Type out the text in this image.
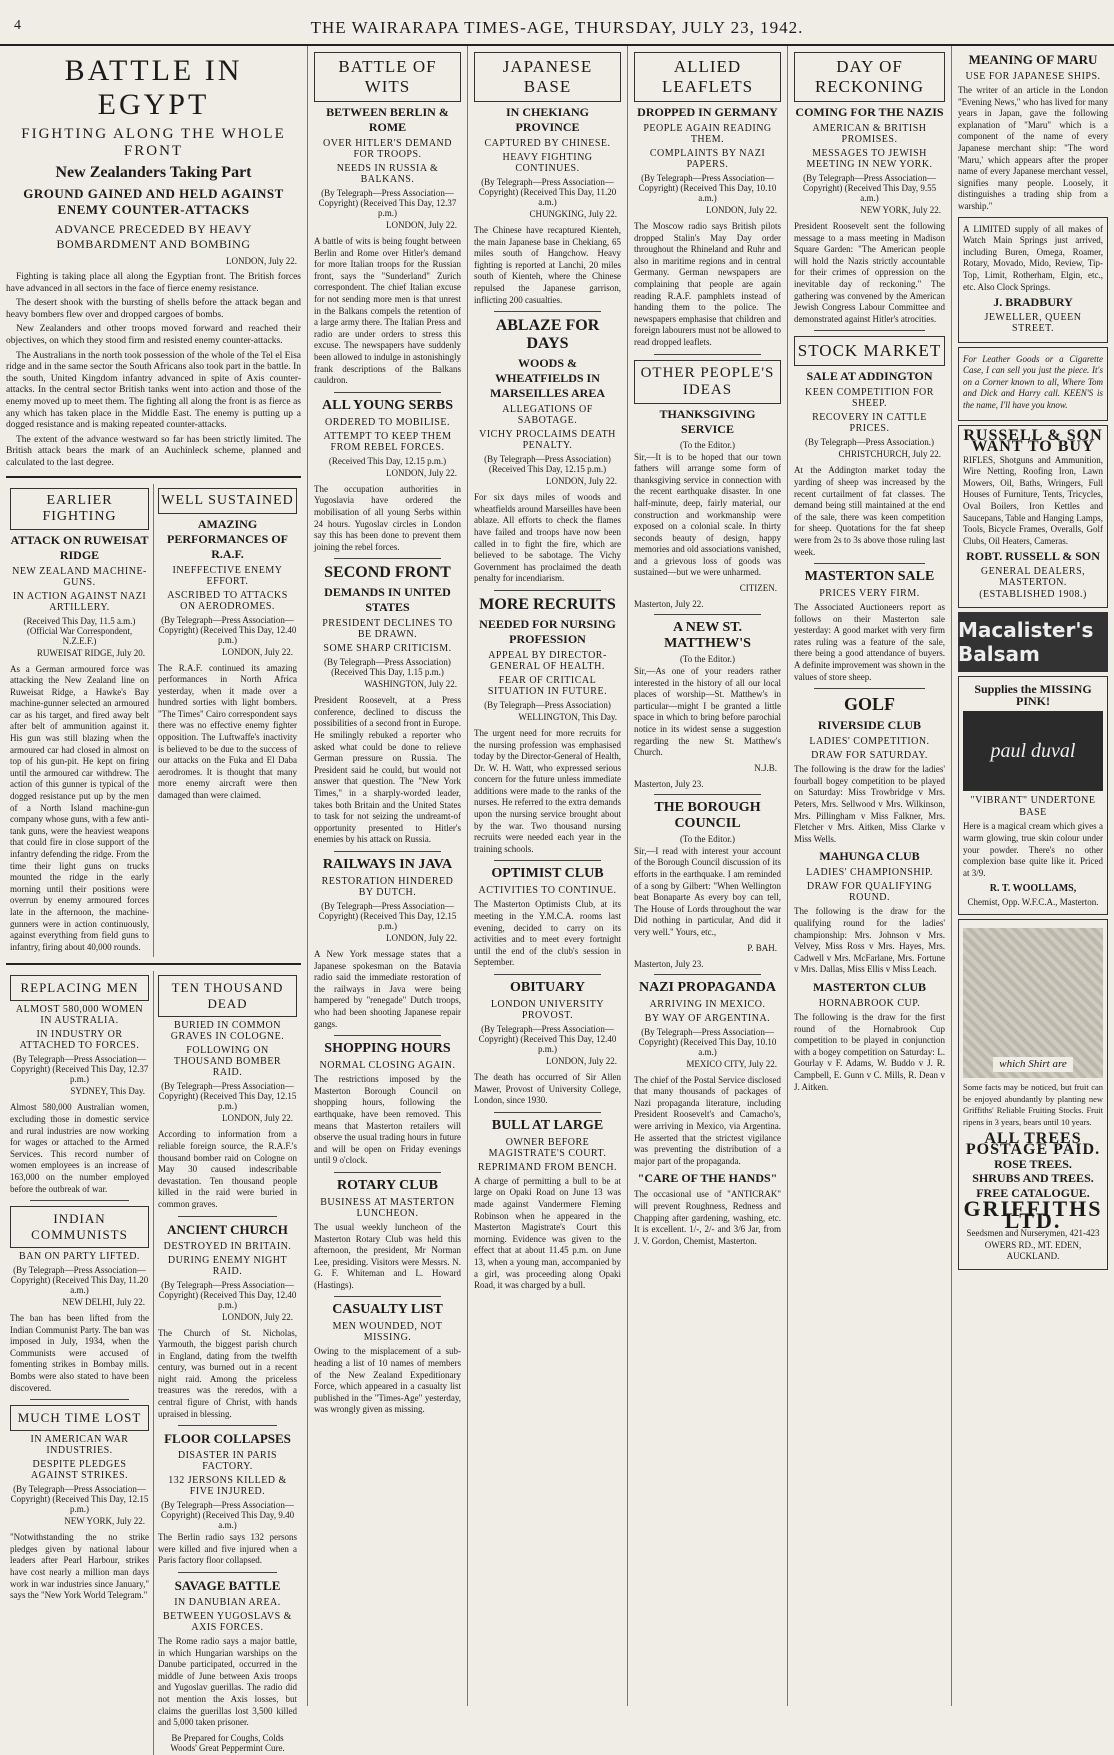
4	THE WAIRARAPA TIMES-AGE, THURSDAY, JULY 23, 1942.
BATTLE IN EGYPT
FIGHTING ALONG THE WHOLE FRONT
New Zealanders Taking Part
GROUND GAINED AND HELD AGAINST ENEMY COUNTER-ATTACKS
ADVANCE PRECEDED BY HEAVY BOMBARDMENT AND BOMBING
LONDON, July 22.

Fighting is taking place all along the Egyptian front. The British forces have advanced in all sectors in the face of fierce enemy resistance.

The desert shook with the bursting of shells before the attack began and heavy bombers flew over and dropped cargoes of bombs.

New Zealanders and other troops moved forward and reached their objectives, on which they stood firm and resisted enemy counter-attacks.

The Australians in the north took possession of the whole of the Tel el Eisa ridge and in the same sector the South Africans also took part in the battle. In the south, United Kingdom infantry advanced in spite of Axis counter-attacks. In the central sector British tanks went into action and those of the enemy moved up to meet them. The fighting all along the front is as fierce as any which has taken place in the Middle East. The enemy is putting up a dogged resistance and is making repeated counter-attacks.

The extent of the advance westward so far has been strictly limited. The British attack bears the mark of an Auchinleck scheme, planned and calculated to the last degree.

EARLIER FIGHTING
ATTACK ON RUWEISAT RIDGE
NEW ZEALAND MACHINE-GUNS.
IN ACTION AGAINST NAZI ARTILLERY.
(Received This Day, 11.5 a.m.) (Official War Correspondent, N.Z.E.F.)
RUWEISAT RIDGE, July 20.
As a German armoured force was attacking the New Zealand line on Ruweisat Ridge, a Hawke's Bay machine-gunner selected an armoured car as his target, and fired away belt after belt of ammunition against it. His gun was still blazing when the armoured car had closed in almost on top of his gun-pit. He kept on firing until the armoured car withdrew. The action of this gunner is typical of the dogged resistance put up by the men of a North Island machine-gun company whose guns, with a few anti-tank guns, were the heaviest weapons that could fire in close support of the infantry defending the ridge. From the time their light guns on trucks mounted the ridge in the early morning until their positions were overrun by enemy armoured forces late in the afternoon, the machine-gunners were in action continuously, against everything from field guns to infantry, firing about 40,000 rounds.
WELL SUSTAINED
AMAZING PERFORMANCES OF R.A.F.
INEFFECTIVE ENEMY EFFORT.
ASCRIBED TO ATTACKS ON AERODROMES.
(By Telegraph—Press Association—Copyright) (Received This Day, 12.40 p.m.)
LONDON, July 22.
The R.A.F. continued its amazing performances in North Africa yesterday, when it made over a hundred sorties with light bombers. "The Times" Cairo correspondent says there was no effective enemy fighter opposition. The Luftwaffe's inactivity is believed to be due to the success of our attacks on the Fuka and El Daba aerodromes. It is thought that many more enemy aircraft were then damaged than were claimed.
REPLACING MEN
ALMOST 580,000 WOMEN IN AUSTRALIA.
IN INDUSTRY OR ATTACHED TO FORCES.
(By Telegraph—Press Association—Copyright) (Received This Day, 12.37 p.m.)
SYDNEY, This Day.
Almost 580,000 Australian women, excluding those in domestic service and rural industries are now working for wages or attached to the Armed Services. This record number of women employees is an increase of 163,000 on the number employed before the outbreak of war.
INDIAN COMMUNISTS
BAN ON PARTY LIFTED.
(By Telegraph—Press Association—Copyright) (Received This Day, 11.20 a.m.)
NEW DELHI, July 22.
The ban has been lifted from the Indian Communist Party. The ban was imposed in July, 1934, when the Communists were accused of fomenting strikes in Bombay mills. Bombs were also stated to have been discovered.
MUCH TIME LOST
IN AMERICAN WAR INDUSTRIES.
DESPITE PLEDGES AGAINST STRIKES.
(By Telegraph—Press Association—Copyright) (Received This Day, 12.15 p.m.)
NEW YORK, July 22.
"Notwithstanding the no strike pledges given by national labour leaders after Pearl Harbour, strikes have cost nearly a million man days work in war industries since January," says the "New York World Telegram."
TEN THOUSAND DEAD
BURIED IN COMMON GRAVES IN COLOGNE.
FOLLOWING ON THOUSAND BOMBER RAID.
(By Telegraph—Press Association—Copyright) (Received This Day, 12.15 p.m.)
LONDON, July 22.
According to information from a reliable foreign source, the R.A.F.'s thousand bomber raid on Cologne on May 30 caused indescribable devastation. Ten thousand people killed in the raid were buried in common graves.
ANCIENT CHURCH
DESTROYED IN BRITAIN.
DURING ENEMY NIGHT RAID.
(By Telegraph—Press Association—Copyright) (Received This Day, 12.40 p.m.)
LONDON, July 22.
The Church of St. Nicholas, Yarmouth, the biggest parish church in England, dating from the twelfth century, was burned out in a recent night raid. Among the priceless treasures was the reredos, with a central figure of Christ, with hands upraised in blessing.
FLOOR COLLAPSES
DISASTER IN PARIS FACTORY.
132 JERSONS KILLED & FIVE INJURED.
(By Telegraph—Press Association—Copyright) (Received This Day, 9.40 a.m.)
The Berlin radio says 132 persons were killed and five injured when a Paris factory floor collapsed.
SAVAGE BATTLE
IN DANUBIAN AREA.
BETWEEN YUGOSLAVS & AXIS FORCES.
The Rome radio says a major battle, in which Hungarian warships on the Danube participated, occurred in the middle of June between Axis troops and Yugoslav guerillas. The radio did not mention the Axis losses, but claims the guerillas lost 3,500 killed and 5,000 taken prisoner.
Be Prepared for Coughs, Colds Woods' Great Peppermint Cure.
BATTLE OF WITS
BETWEEN BERLIN & ROME
OVER HITLER'S DEMAND FOR TROOPS.
NEEDS IN RUSSIA & BALKANS.
(By Telegraph—Press Association—Copyright) (Received This Day, 12.37 p.m.)
LONDON, July 22.
A battle of wits is being fought between Berlin and Rome over Hitler's demand for more Italian troops for the Russian front, says the "Sunderland" Zurich correspondent. The chief Italian excuse for not sending more men is that unrest in the Balkans compels the retention of a large army there. The Italian Press and radio are under orders to stress this excuse. The newspapers have suddenly been allowed to indulge in astonishingly frank descriptions of the Balkans cauldron.
ALL YOUNG SERBS
ORDERED TO MOBILISE.
ATTEMPT TO KEEP THEM FROM REBEL FORCES.
(Received This Day, 12.15 p.m.)
LONDON, July 22.
The occupation authorities in Yugoslavia have ordered the mobilisation of all young Serbs within 24 hours. Yugoslav circles in London say this has been done to prevent them joining the rebel forces.
SECOND FRONT
DEMANDS IN UNITED STATES
PRESIDENT DECLINES TO BE DRAWN.
SOME SHARP CRITICISM.
(By Telegraph—Press Association) (Received This Day, 1.15 p.m.)
WASHINGTON, July 22.
President Roosevelt, at a Press conference, declined to discuss the possibilities of a second front in Europe. He smilingly rebuked a reporter who asked what could be done to relieve German pressure on Russia. The President said he could, but would not answer that question. The "New York Times," in a sharply-worded leader, takes both Britain and the United States to task for not seizing the undreamt-of opportunity presented to Hitler's enemies by his attack on Russia.
RAILWAYS IN JAVA
RESTORATION HINDERED BY DUTCH.
(By Telegraph—Press Association—Copyright) (Received This Day, 12.15 p.m.)
LONDON, July 22.
A New York message states that a Japanese spokesman on the Batavia radio said the immediate restoration of the railways in Java were being hampered by "renegade" Dutch troops, who had been shooting Japanese repair gangs.
SHOPPING HOURS
NORMAL CLOSING AGAIN.
The restrictions imposed by the Masterton Borough Council on shopping hours, following the earthquake, have been removed. This means that Masterton retailers will observe the usual trading hours in future and will be open on Friday evenings until 9 o'clock.
ROTARY CLUB
BUSINESS AT MASTERTON LUNCHEON.
The usual weekly luncheon of the Masterton Rotary Club was held this afternoon, the president, Mr Norman Lee, presiding. Visitors were Messrs. N. G. F. Whiteman and L. Howard (Hastings).
CASUALTY LIST
MEN WOUNDED, NOT MISSING.
Owing to the misplacement of a sub-heading a list of 10 names of members of the New Zealand Expeditionary Force, which appeared in a casualty list published in the "Times-Age" yesterday, was wrongly given as missing.
JAPANESE BASE
IN CHEKIANG PROVINCE
CAPTURED BY CHINESE.
HEAVY FIGHTING CONTINUES.
(By Telegraph—Press Association—Copyright) (Received This Day, 11.20 a.m.)
CHUNGKING, July 22.
The Chinese have recaptured Kienteh, the main Japanese base in Chekiang, 65 miles south of Hangchow. Heavy fighting is reported at Lanchi, 20 miles south of Kienteh, where the Chinese repulsed the Japanese garrison, inflicting 200 casualties.
ABLAZE FOR DAYS
WOODS & WHEATFIELDS IN MARSEILLES AREA
ALLEGATIONS OF SABOTAGE.
VICHY PROCLAIMS DEATH PENALTY.
(By Telegraph—Press Association) (Received This Day, 12.15 p.m.)
LONDON, July 22.
For six days miles of woods and wheatfields around Marseilles have been ablaze. All efforts to check the flames have failed and troops have now been called in to fight the fire, which are believed to be sabotage. The Vichy Government has proclaimed the death penalty for incendiarism.
MORE RECRUITS
NEEDED FOR NURSING PROFESSION
APPEAL BY DIRECTOR-GENERAL OF HEALTH.
FEAR OF CRITICAL SITUATION IN FUTURE.
(By Telegraph—Press Association)
WELLINGTON, This Day.
The urgent need for more recruits for the nursing profession was emphasised today by the Director-General of Health, Dr. W. H. Watt, who expressed serious concern for the future unless immediate additions were made to the ranks of the nurses. He referred to the extra demands upon the nursing service brought about by the war. Two thousand nursing recruits were needed each year in the training schools.
OPTIMIST CLUB
ACTIVITIES TO CONTINUE.
The Masterton Optimists Club, at its meeting in the Y.M.C.A. rooms last evening, decided to carry on its activities and to meet every fortnight until the end of the club's session in September.
OBITUARY
LONDON UNIVERSITY PROVOST.
(By Telegraph—Press Association—Copyright) (Received This Day, 12.40 p.m.)
LONDON, July 22.
The death has occurred of Sir Allen Mawer, Provost of University College, London, since 1930.
BULL AT LARGE
OWNER BEFORE MAGISTRATE'S COURT.
REPRIMAND FROM BENCH.
A charge of permitting a bull to be at large on Opaki Road on June 13 was made against Vandermere Fleming Robinson when he appeared in the Masterton Magistrate's Court this morning. Evidence was given to the effect that at about 11.45 p.m. on June 13, when a young man, accompanied by a girl, was proceeding along Opaki Road, it was charged by a bull.
ALLIED LEAFLETS
DROPPED IN GERMANY
PEOPLE AGAIN READING THEM.
COMPLAINTS BY NAZI PAPERS.
(By Telegraph—Press Association—Copyright) (Received This Day, 10.10 a.m.)
LONDON, July 22.
The Moscow radio says British pilots dropped Stalin's May Day order throughout the Rhineland and Ruhr and also in maritime regions and in central Germany. German newspapers are complaining that people are again reading R.A.F. pamphlets instead of handing them to the police. The newspapers emphasise that children and foreign labourers must not be allowed to read dropped leaflets.
OTHER PEOPLE'S IDEAS
THANKSGIVING SERVICE
(To the Editor.)
Sir,—It is to be hoped that our town fathers will arrange some form of thanksgiving service in connection with the recent earthquake disaster. In one half-minute, deep, fairly material, our construction and workmanship were exposed on a colonial scale. In thirty seconds beauty of design, happy memories and old associations vanished, and a grievous loss of goods was sustained—but we were unharmed.
CITIZEN.
Masterton, July 22.
A NEW ST. MATTHEW'S
(To the Editor.)
Sir,—As one of your readers rather interested in the history of all our local places of worship—St. Matthew's in particular—might I be granted a little space in which to bring before parochial notice in its widest sense a suggestion regarding the new St. Matthew's Church.
N.J.B.
Masterton, July 23.
THE BOROUGH COUNCIL
(To the Editor.)
Sir,—I read with interest your account of the Borough Council discussion of its efforts in the earthquake. I am reminded of a song by Gilbert: "When Wellington beat Bonaparte As every boy can tell, The House of Lords throughout the war Did nothing in particular, And did it very well." Yours, etc.,
P. BAH.
Masterton, July 23.
NAZI PROPAGANDA
ARRIVING IN MEXICO.
BY WAY OF ARGENTINA.
(By Telegraph—Press Association—Copyright) (Received This Day, 10.10 a.m.)
MEXICO CITY, July 22.
The chief of the Postal Service disclosed that many thousands of packages of Nazi propaganda literature, including President Roosevelt's and Camacho's, were arriving in Mexico, via Argentina. He asserted that the strictest vigilance was preventing the distribution of a major part of the propaganda.
"CARE OF THE HANDS"
The occasional use of "ANTICRAK" will prevent Roughness, Redness and Chapping after gardening, washing, etc. It is excellent. 1/-, 2/- and 3/6 Jar, from J. V. Gordon, Chemist, Masterton.
DAY OF RECKONING
COMING FOR THE NAZIS
AMERICAN & BRITISH PROMISES.
MESSAGES TO JEWISH MEETING IN NEW YORK.
(By Telegraph—Press Association—Copyright) (Received This Day, 9.55 a.m.)
NEW YORK, July 22.
President Roosevelt sent the following message to a mass meeting in Madison Square Garden: "The American people will hold the Nazis strictly accountable for their crimes of oppression on the inevitable day of reckoning." The gathering was convened by the American Jewish Congress Labour Committee and demonstrated against Hitler's atrocities.
STOCK MARKET
SALE AT ADDINGTON
KEEN COMPETITION FOR SHEEP.
RECOVERY IN CATTLE PRICES.
(By Telegraph—Press Association.)
CHRISTCHURCH, July 22.
At the Addington market today the yarding of sheep was increased by the recent curtailment of fat classes. The demand being still maintained at the end of the sale, there was keen competition for sheep. Quotations for the fat sheep were from 2s to 3s above those ruling last week.
MASTERTON SALE
PRICES VERY FIRM.
The Associated Auctioneers report as follows on their Masterton sale yesterday: A good market with very firm rates ruling was a feature of the sale, there being a good attendance of buyers. A definite improvement was shown in the values of store sheep.
GOLF
RIVERSIDE CLUB
LADIES' COMPETITION.
DRAW FOR SATURDAY.
The following is the draw for the ladies' fourball bogey competition to be played on Saturday: Miss Trowbridge v Mrs. Peters, Mrs. Sellwood v Mrs. Wilkinson, Mrs. Pillingham v Miss Falkner, Mrs. Fletcher v Mrs. Aitken, Miss Clarke v Miss Wells.
MAHUNGA CLUB
LADIES' CHAMPIONSHIP.
DRAW FOR QUALIFYING ROUND.
The following is the draw for the qualifying round for the ladies' championship: Mrs. Johnson v Mrs. Velvey, Miss Ross v Mrs. Hayes, Mrs. Cadwell v Mrs. McFarlane, Mrs. Fortune v Mrs. Dallas, Miss Ellis v Miss Leach.
MASTERTON CLUB
HORNABROOK CUP.
The following is the draw for the first round of the Hornabrook Cup competition to be played in conjunction with a bogey competition on Saturday: L. Gourlay v F. Adams, W. Buddo v J. R. Campbell, E. Gunn v C. Mills, R. Dean v J. Aitken.
MEANING OF MARU
USE FOR JAPANESE SHIPS.
The writer of an article in the London "Evening News," who has lived for many years in Japan, gave the following explanation of "Maru" which is a component of the name of every Japanese merchant ship: "The word 'Maru,' which appears after the proper name of every Japanese merchant vessel, signifies many people. Loosely, it distinguishes a trading ship from a warship."
A LIMITED supply of all makes of Watch Main Springs just arrived, including Buren, Omega, Roamer, Rotary, Movado, Mido, Review, Tip-Top, Limit, Rotherham, Elgin, etc., etc. Also Clock Springs.
J. BRADBURY
JEWELLER, QUEEN STREET.
For Leather Goods or a Cigarette Case, I can sell you just the piece. It's on a Corner known to all, Where Tom and Dick and Harry call. KEEN'S is the name, I'll have you know.
RUSSELL & SON WANT TO BUY
RIFLES, Shotguns and Ammunition, Wire Netting, Roofing Iron, Lawn Mowers, Oil, Baths, Wringers, Full Houses of Furniture, Tents, Tricycles, Oval Boilers, Iron Kettles and Saucepans, Table and Hanging Lamps, Tools, Bicycle Frames, Overalls, Golf Clubs, Oil Heaters, Cameras.
ROBT. RUSSELL & SON
GENERAL DEALERS, MASTERTON. (ESTABLISHED 1908.)
Macalister's Balsam
Supplies the MISSING PINK!
paul duval
"VIBRANT" UNDERTONE BASE
Here is a magical cream which gives a warm glowing, true skin colour under your powder. There's no other complexion base quite like it. Priced at 3/9.
R. T. WOOLLAMS,
Chemist, Opp. W.F.C.A., Masterton.
which Shirt are
Some facts may be noticed, but fruit can be enjoyed abundantly by planting new Griffiths' Reliable Fruiting Stocks. Fruit ripens in 3 years, bears until 10 years.
ALL TREES POSTAGE PAID.
ROSE TREES.
SHRUBS AND TREES.
FREE CATALOGUE.
GRIFFITHS LTD.
Seedsmen and Nurserymen, 421-423 OWERS RD., MT. EDEN, AUCKLAND.
